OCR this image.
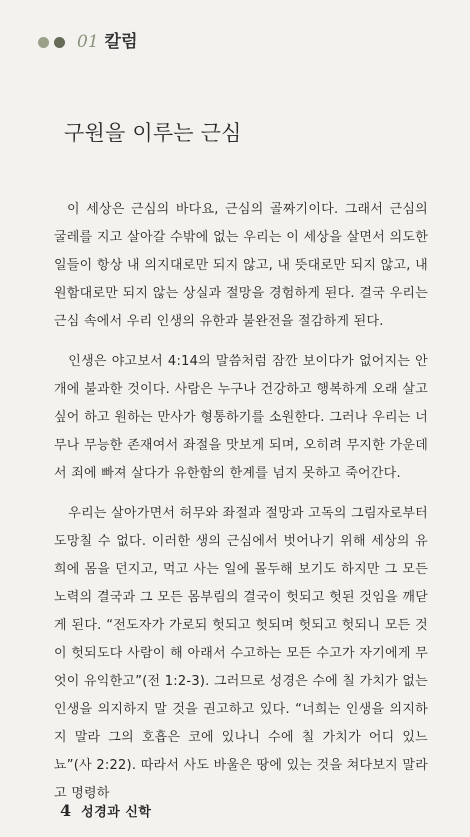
01 칼럼
구원을 이루는 근심

이 세상은 근심의 바다요, 근심의 골짜기이다. 그래서 근심의 굴레를 지고 살아갈 수밖에 없는 우리는 이 세상을 살면서 의도한 일들이 항상 내 의지대로만 되지 않고, 내 뜻대로만 되지 않고, 내 원함대로만 되지 않는 상실과 절망을 경험하게 된다. 결국 우리는 근심 속에서 우리 인생의 유한과 불완전을 절감하게 된다.

인생은 야고보서 4:14의 말씀처럼 잠깐 보이다가 없어지는 안개에 불과한 것이다. 사람은 누구나 건강하고 행복하게 오래 살고 싶어 하고 원하는 만사가 형통하기를 소원한다. 그러나 우리는 너무나 무능한 존재여서 좌절을 맛보게 되며, 오히려 무지한 가운데서 죄에 빠져 살다가 유한함의 한계를 넘지 못하고 죽어간다.

우리는 살아가면서 허무와 좌절과 절망과 고독의 그림자로부터 도망칠 수 없다. 이러한 생의 근심에서 벗어나기 위해 세상의 유희에 몸을 던지고, 먹고 사는 일에 몰두해 보기도 하지만 그 모든 노력의 결국과 그 모든 몸부림의 결국이 헛되고 헛된 것임을 깨닫게 된다. “전도자가 가로되 헛되고 헛되며 헛되고 헛되니 모든 것이 헛되도다 사람이 해 아래서 수고하는 모든 수고가 자기에게 무엇이 유익한고”(전 1:2-3). 그러므로 성경은 수에 칠 가치가 없는 인생을 의지하지 말 것을 권고하고 있다. “너희는 인생을 의지하지 말라 그의 호흡은 코에 있나니 수에 칠 가치가 어디 있느뇨”(사 2:22). 따라서 사도 바울은 땅에 있는 것을 쳐다보지 말라고 명령하

4 성경과 신학
